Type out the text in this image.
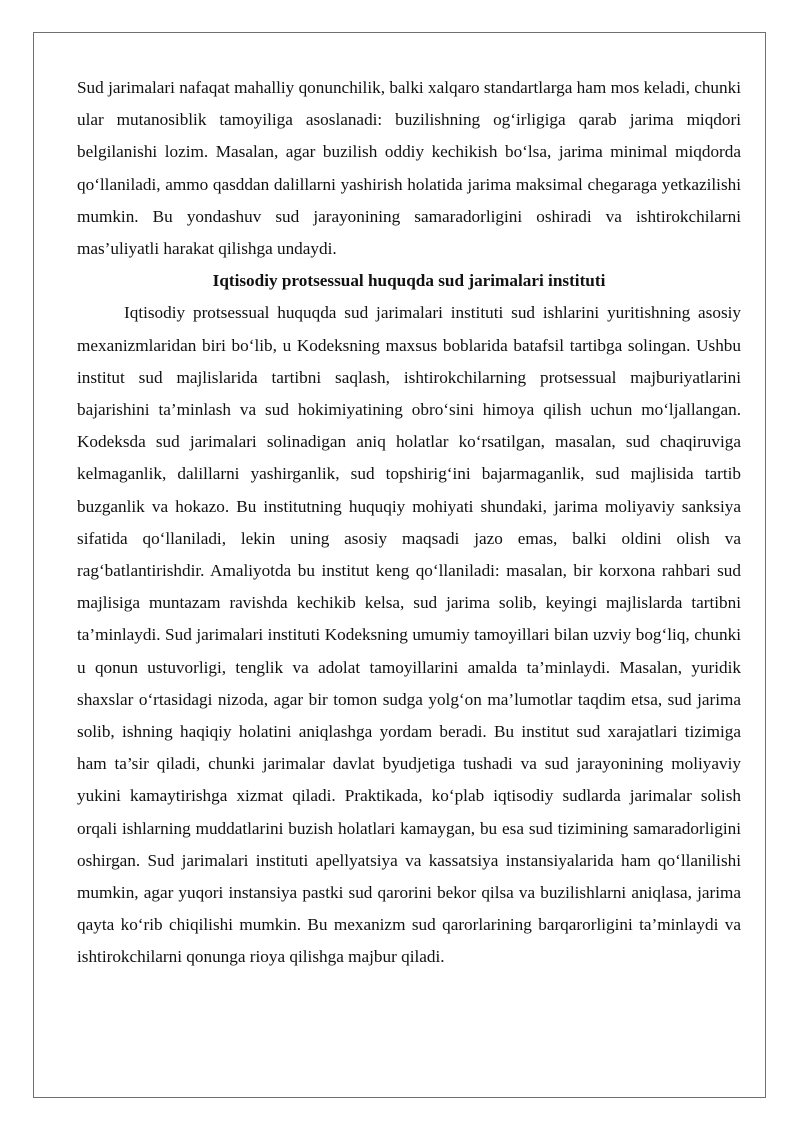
Sud jarimalari nafaqat mahalliy qonunchilik, balki xalqaro standartlarga ham mos keladi, chunki ular mutanosiblik tamoyiliga asoslanadi: buzilishning og‘irligiga qarab jarima miqdori belgilanishi lozim. Masalan, agar buzilish oddiy kechikish bo‘lsa, jarima minimal miqdorda qo‘llaniladi, ammo qasddan dalillarni yashirish holatida jarima maksimal chegaraga yetkazilishi mumkin. Bu yondashuv sud jarayonining samaradorligini oshiradi va ishtirokchilarni mas’uliyatli harakat qilishga undaydi.

Iqtisodiy protsessual huquqda sud jarimalari instituti

Iqtisodiy protsessual huquqda sud jarimalari instituti sud ishlarini yuritishning asosiy mexanizmlaridan biri bo‘lib, u Kodeksning maxsus boblarida batafsil tartibga solingan. Ushbu institut sud majlislarida tartibni saqlash, ishtirokchilarning protsessual majburiyatlarini bajarishini ta’minlash va sud hokimiyatining obro‘sini himoya qilish uchun mo‘ljallangan. Kodeksda sud jarimalari solinadigan aniq holatlar ko‘rsatilgan, masalan, sud chaqiruviga kelmaganlik, dalillarni yashirganlik, sud topshirig‘ini bajarmaganlik, sud majlisida tartib buzganlik va hokazo. Bu institutning huquqiy mohiyati shundaki, jarima moliyaviy sanksiya sifatida qo‘llaniladi, lekin uning asosiy maqsadi jazo emas, balki oldini olish va rag‘batlantirishdir. Amaliyotda bu institut keng qo‘llaniladi: masalan, bir korxona rahbari sud majlisiga muntazam ravishda kechikib kelsa, sud jarima solib, keyingi majlislarda tartibni ta’minlaydi. Sud jarimalari instituti Kodeksning umumiy tamoyillari bilan uzviy bog‘liq, chunki u qonun ustuvorligi, tenglik va adolat tamoyillarini amalda ta’minlaydi. Masalan, yuridik shaxslar o‘rtasidagi nizoda, agar bir tomon sudga yolg‘on ma’lumotlar taqdim etsa, sud jarima solib, ishning haqiqiy holatini aniqlashga yordam beradi. Bu institut sud xarajatlari tizimiga ham ta’sir qiladi, chunki jarimalar davlat byudjetiga tushadi va sud jarayonining moliyaviy yukini kamaytirishga xizmat qiladi. Praktikada, ko‘plab iqtisodiy sudlarda jarimalar solish orqali ishlarning muddatlarini buzish holatlari kamaygan, bu esa sud tizimining samaradorligini oshirgan. Sud jarimalari instituti apellyatsiya va kassatsiya instansiyalarida ham qo‘llanilishi mumkin, agar yuqori instansiya pastki sud qarorini bekor qilsa va buzilishlarni aniqlasa, jarima qayta ko‘rib chiqilishi mumkin. Bu mexanizm sud qarorlarining barqarorligini ta’minlaydi va ishtirokchilarni qonunga rioya qilishga majbur qiladi.
